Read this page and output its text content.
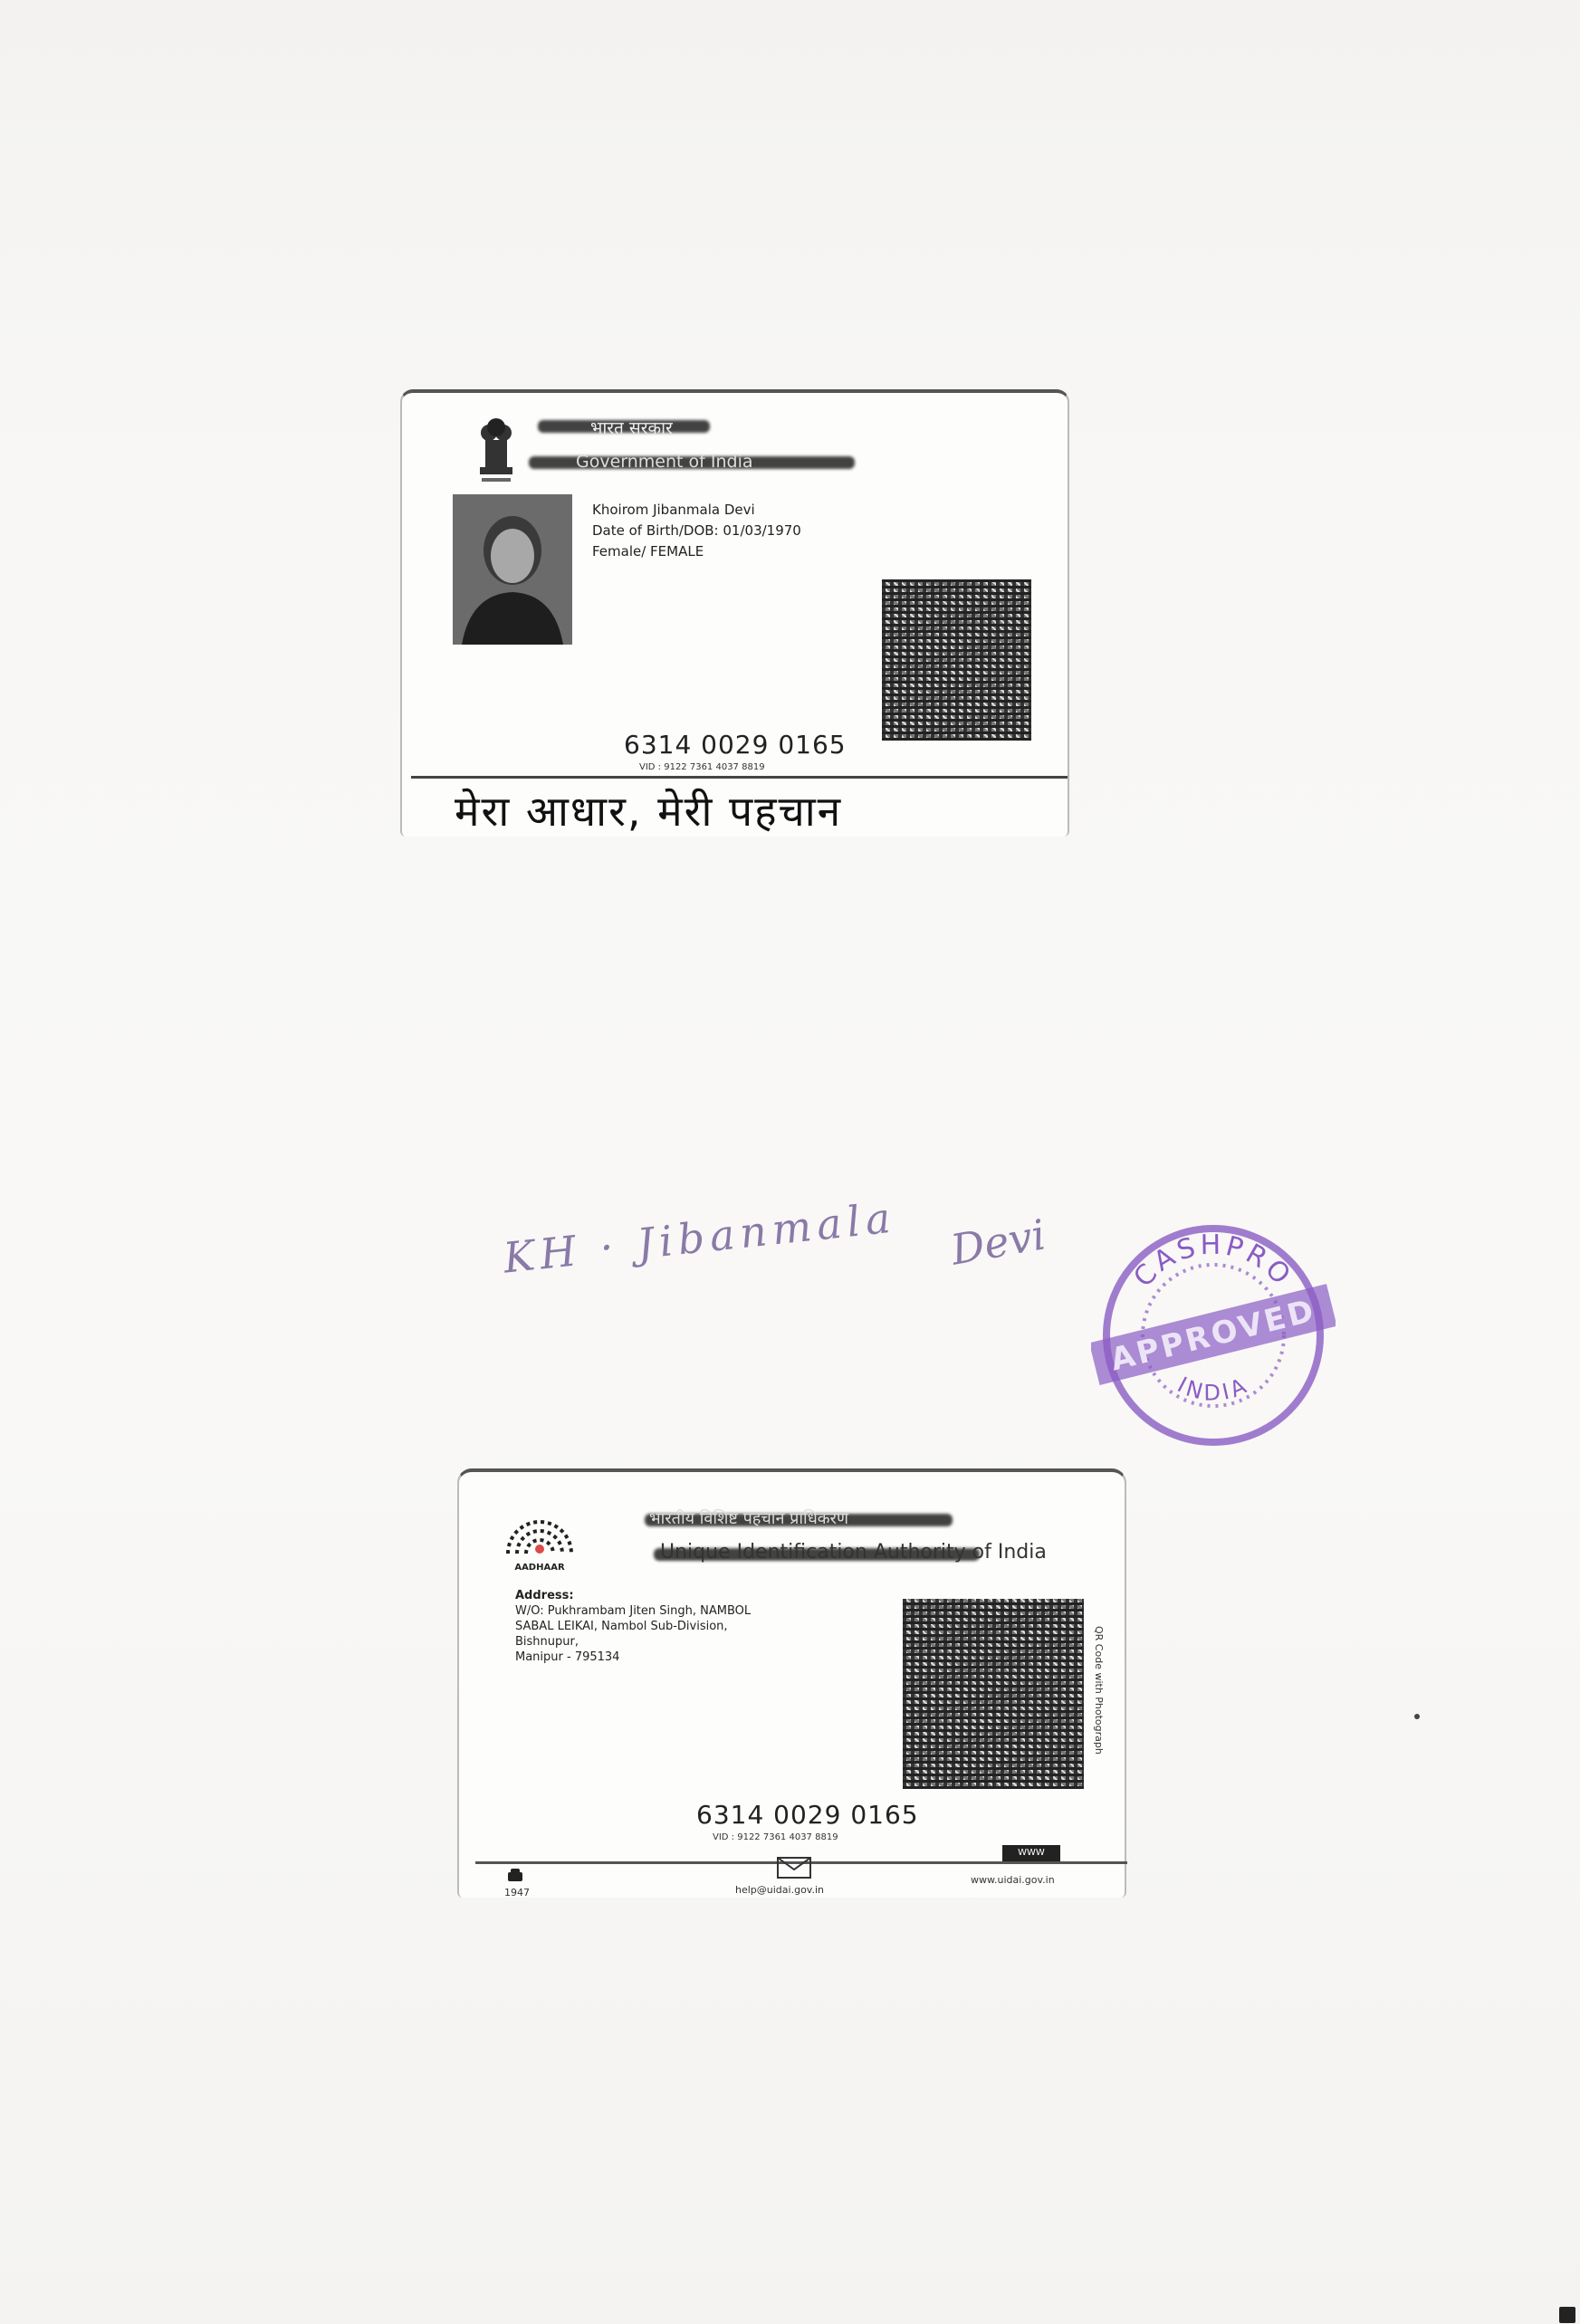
भारत सरकार
Government of India
Khoirom Jibanmala Devi
Date of Birth/DOB: 01/03/1970
Female/ FEMALE
6314 0029 0165
VID : 9122 7361 4037 8819
मेरा आधार, मेरी पहचान
KH · Jibanmala Devi	CASHPRO
APPROVED
INDIA
AADHAAR
भारतीय विशिष्ट पहचान प्राधिकरण
Unique Identification Authority of India
Address:
W/O: Pukhrambam Jiten Singh, NAMBOL
SABAL LEIKAI, Nambol Sub-Division,
Bishnupur,
Manipur - 795134	QR Code with Photograph
6314 0029 0165
VID : 9122 7361 4037 8819
1947	help@uidai.gov.in
WWW
www.uidai.gov.in
